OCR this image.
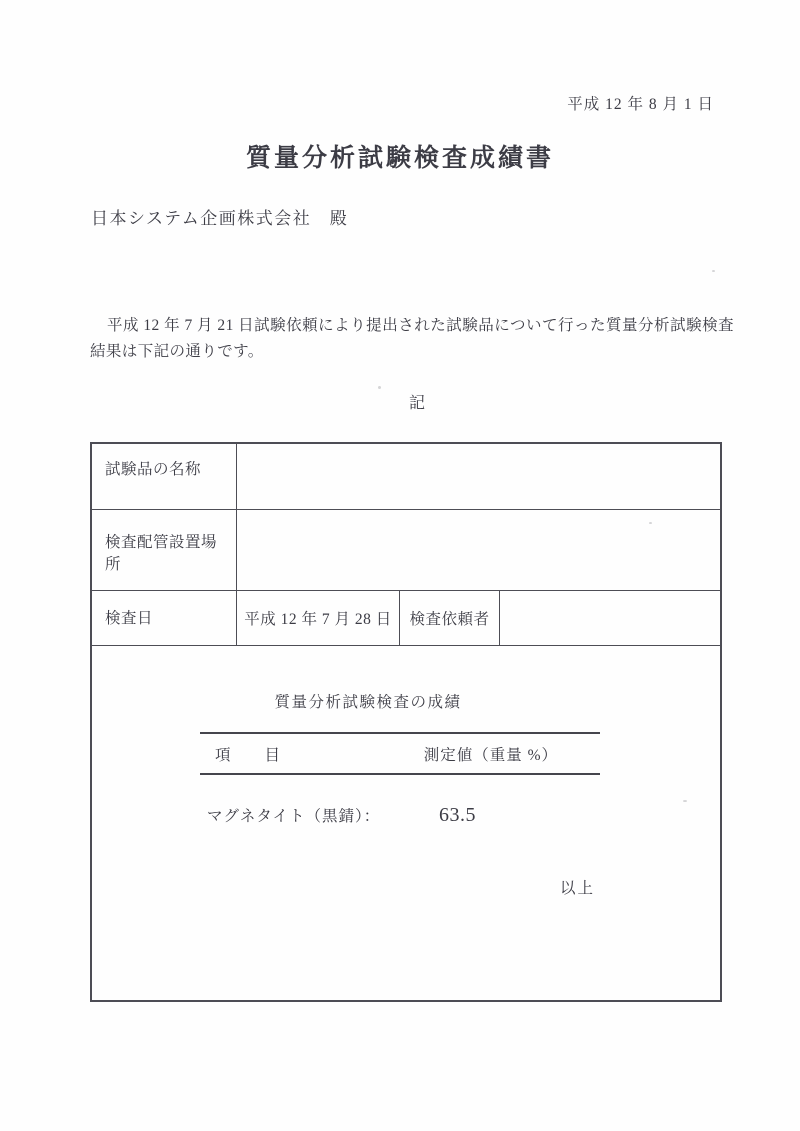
平成 12 年 8 月 1 日
質量分析試験検査成績書
日本システム企画株式会社　殿

平成 12 年 7 月 21 日試験依頼により提出された試験品について行った質量分析試験検査結果は下記の通りです。

記
試験品の名称
検査配管設置場所
検査日	平成 12 年 7 月 28 日	検査依頼者
質量分析試験検査の成績
項　　目	測定値（重量 %）
マグネタイト（黒錆）：	63.5
以上
